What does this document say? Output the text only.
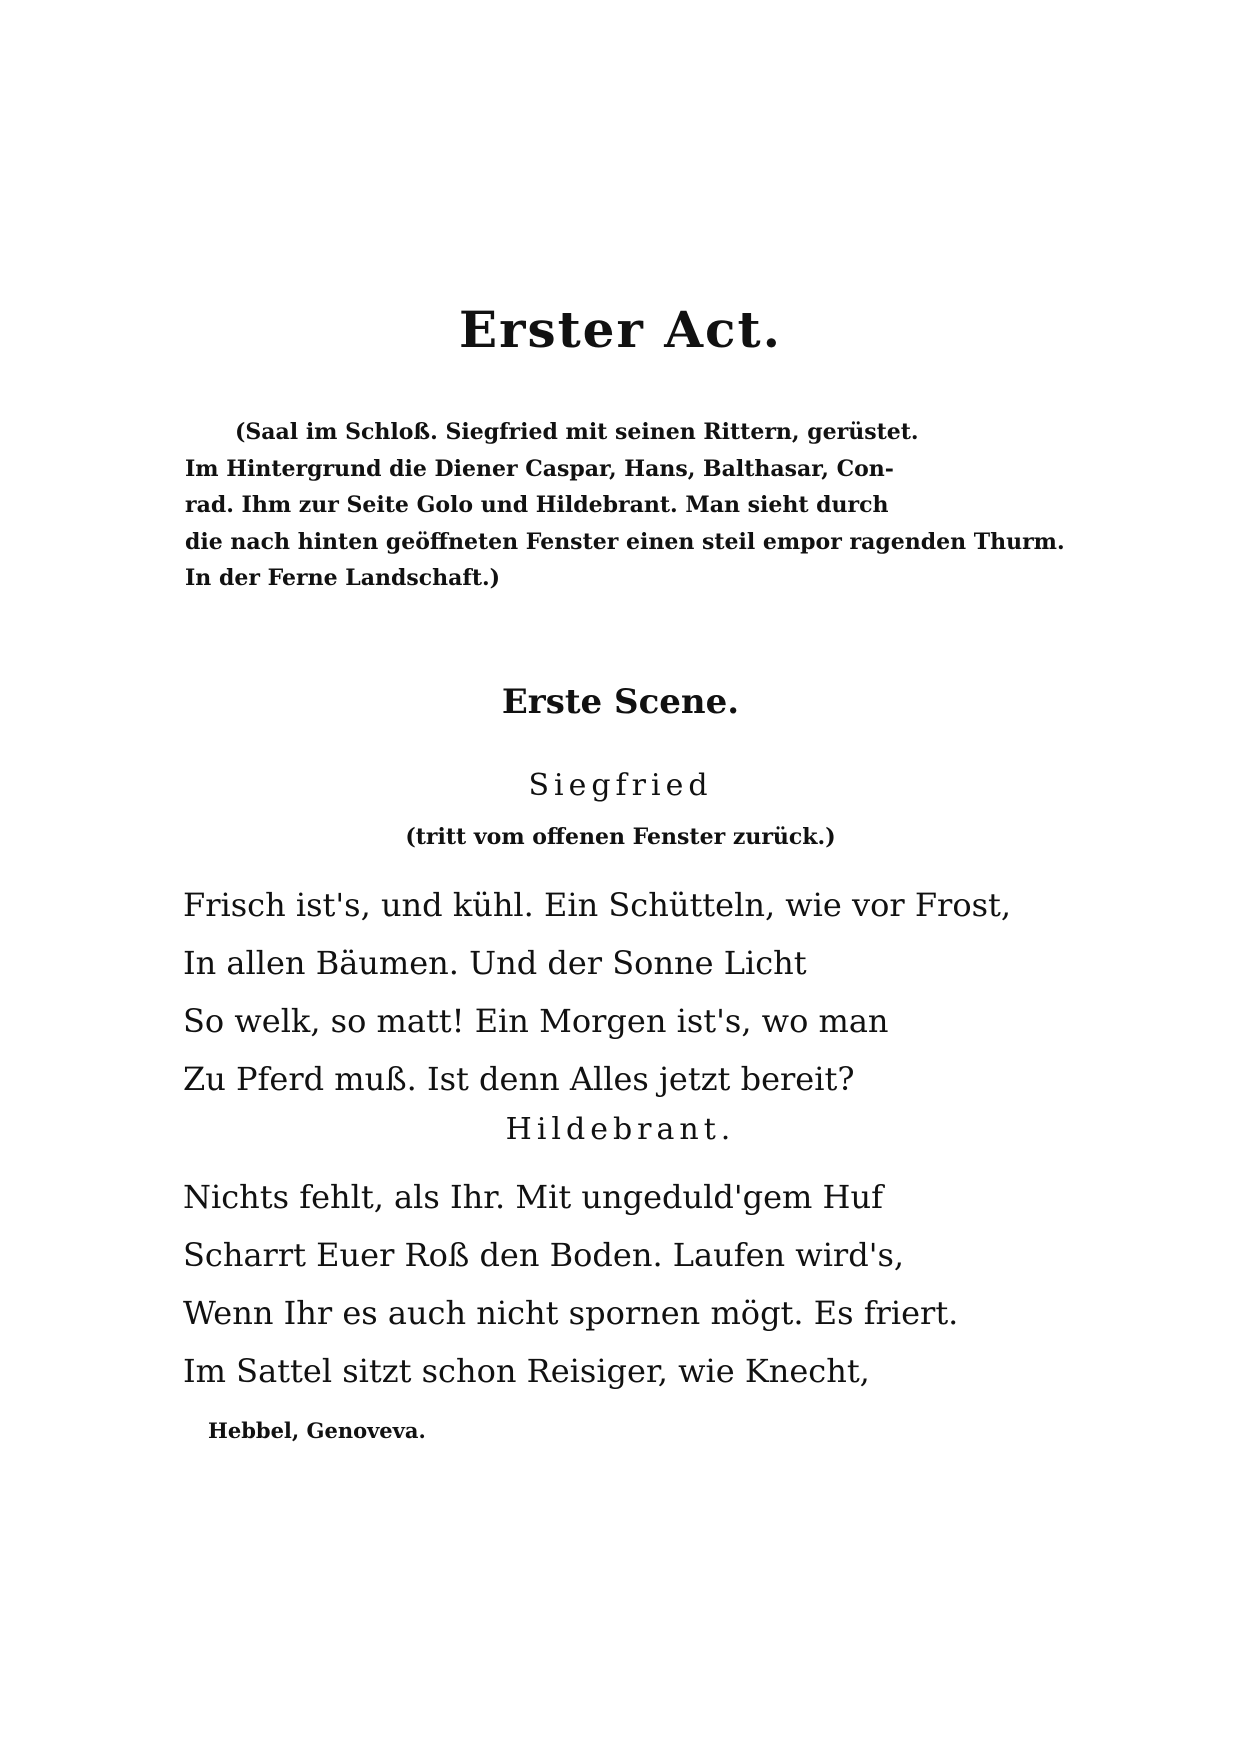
Erster Act.
(Saal im Schloß. Siegfried mit seinen Rittern, gerüstet.
Im Hintergrund die Diener Caspar, Hans, Balthasar, Con-
rad. Ihm zur Seite Golo und Hildebrant. Man sieht durch
die nach hinten geöffneten Fenster einen steil empor ragenden Thurm.
In der Ferne Landschaft.)
Erste Scene.
Siegfried
(tritt vom offenen Fenster zurück.)
Frisch ist's, und kühl. Ein Schütteln, wie vor Frost,
In allen Bäumen. Und der Sonne Licht
So welk, so matt! Ein Morgen ist's, wo man
Zu Pferd muß. Ist denn Alles jetzt bereit?
Hildebrant.
Nichts fehlt, als Ihr. Mit ungeduld'gem Huf
Scharrt Euer Roß den Boden. Laufen wird's,
Wenn Ihr es auch nicht spornen mögt. Es friert.
Im Sattel sitzt schon Reisiger, wie Knecht,
Hebbel, Genoveva.
